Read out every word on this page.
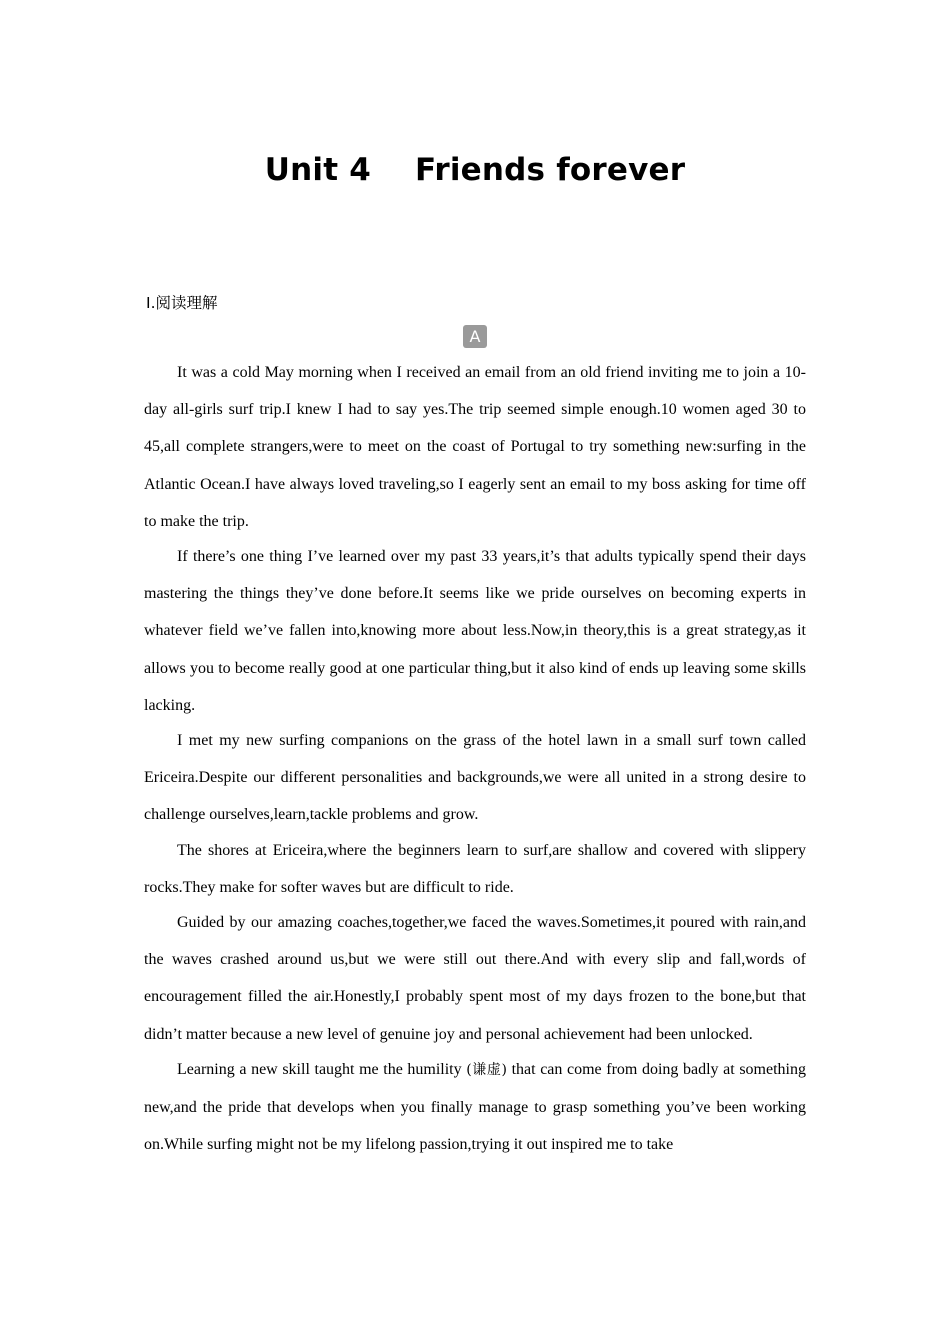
Unit 4    Friends forever
Ⅰ.阅读理解
A

It was a cold May morning when I received an email from an old friend inviting me to join a 10-day all-girls surf trip.I knew I had to say yes.The trip seemed simple enough.10 women aged 30 to 45,all complete strangers,were to meet on the coast of Portugal to try something new:surfing in the Atlantic Ocean.I have always loved traveling,so I eagerly sent an email to my boss asking for time off to make the trip.

If there’s one thing I’ve learned over my past 33 years,it’s that adults typically spend their days mastering the things they’ve done before.It seems like we pride ourselves on becoming experts in whatever field we’ve fallen into,knowing more about less.Now,in theory,this is a great strategy,as it allows you to become really good at one particular thing,but it also kind of ends up leaving some skills lacking.

I met my new surfing companions on the grass of the hotel lawn in a small surf town called Ericeira.Despite our different personalities and backgrounds,we were all united in a strong desire to challenge ourselves,learn,tackle problems and grow.

The shores at Ericeira,where the beginners learn to surf,are shallow and covered with slippery rocks.They make for softer waves but are difficult to ride.

Guided by our amazing coaches,together,we faced the waves.Sometimes,it poured with rain,and the waves crashed around us,but we were still out there.And with every slip and fall,words of encouragement filled the air.Honestly,I probably spent most of my days frozen to the bone,but that didn’t matter because a new level of genuine joy and personal achievement had been unlocked.

Learning a new skill taught me the humility (谦虚) that can come from doing badly at something new,and the pride that develops when you finally manage to grasp something you’ve been working on.While surfing might not be my lifelong passion,trying it out inspired me to take
